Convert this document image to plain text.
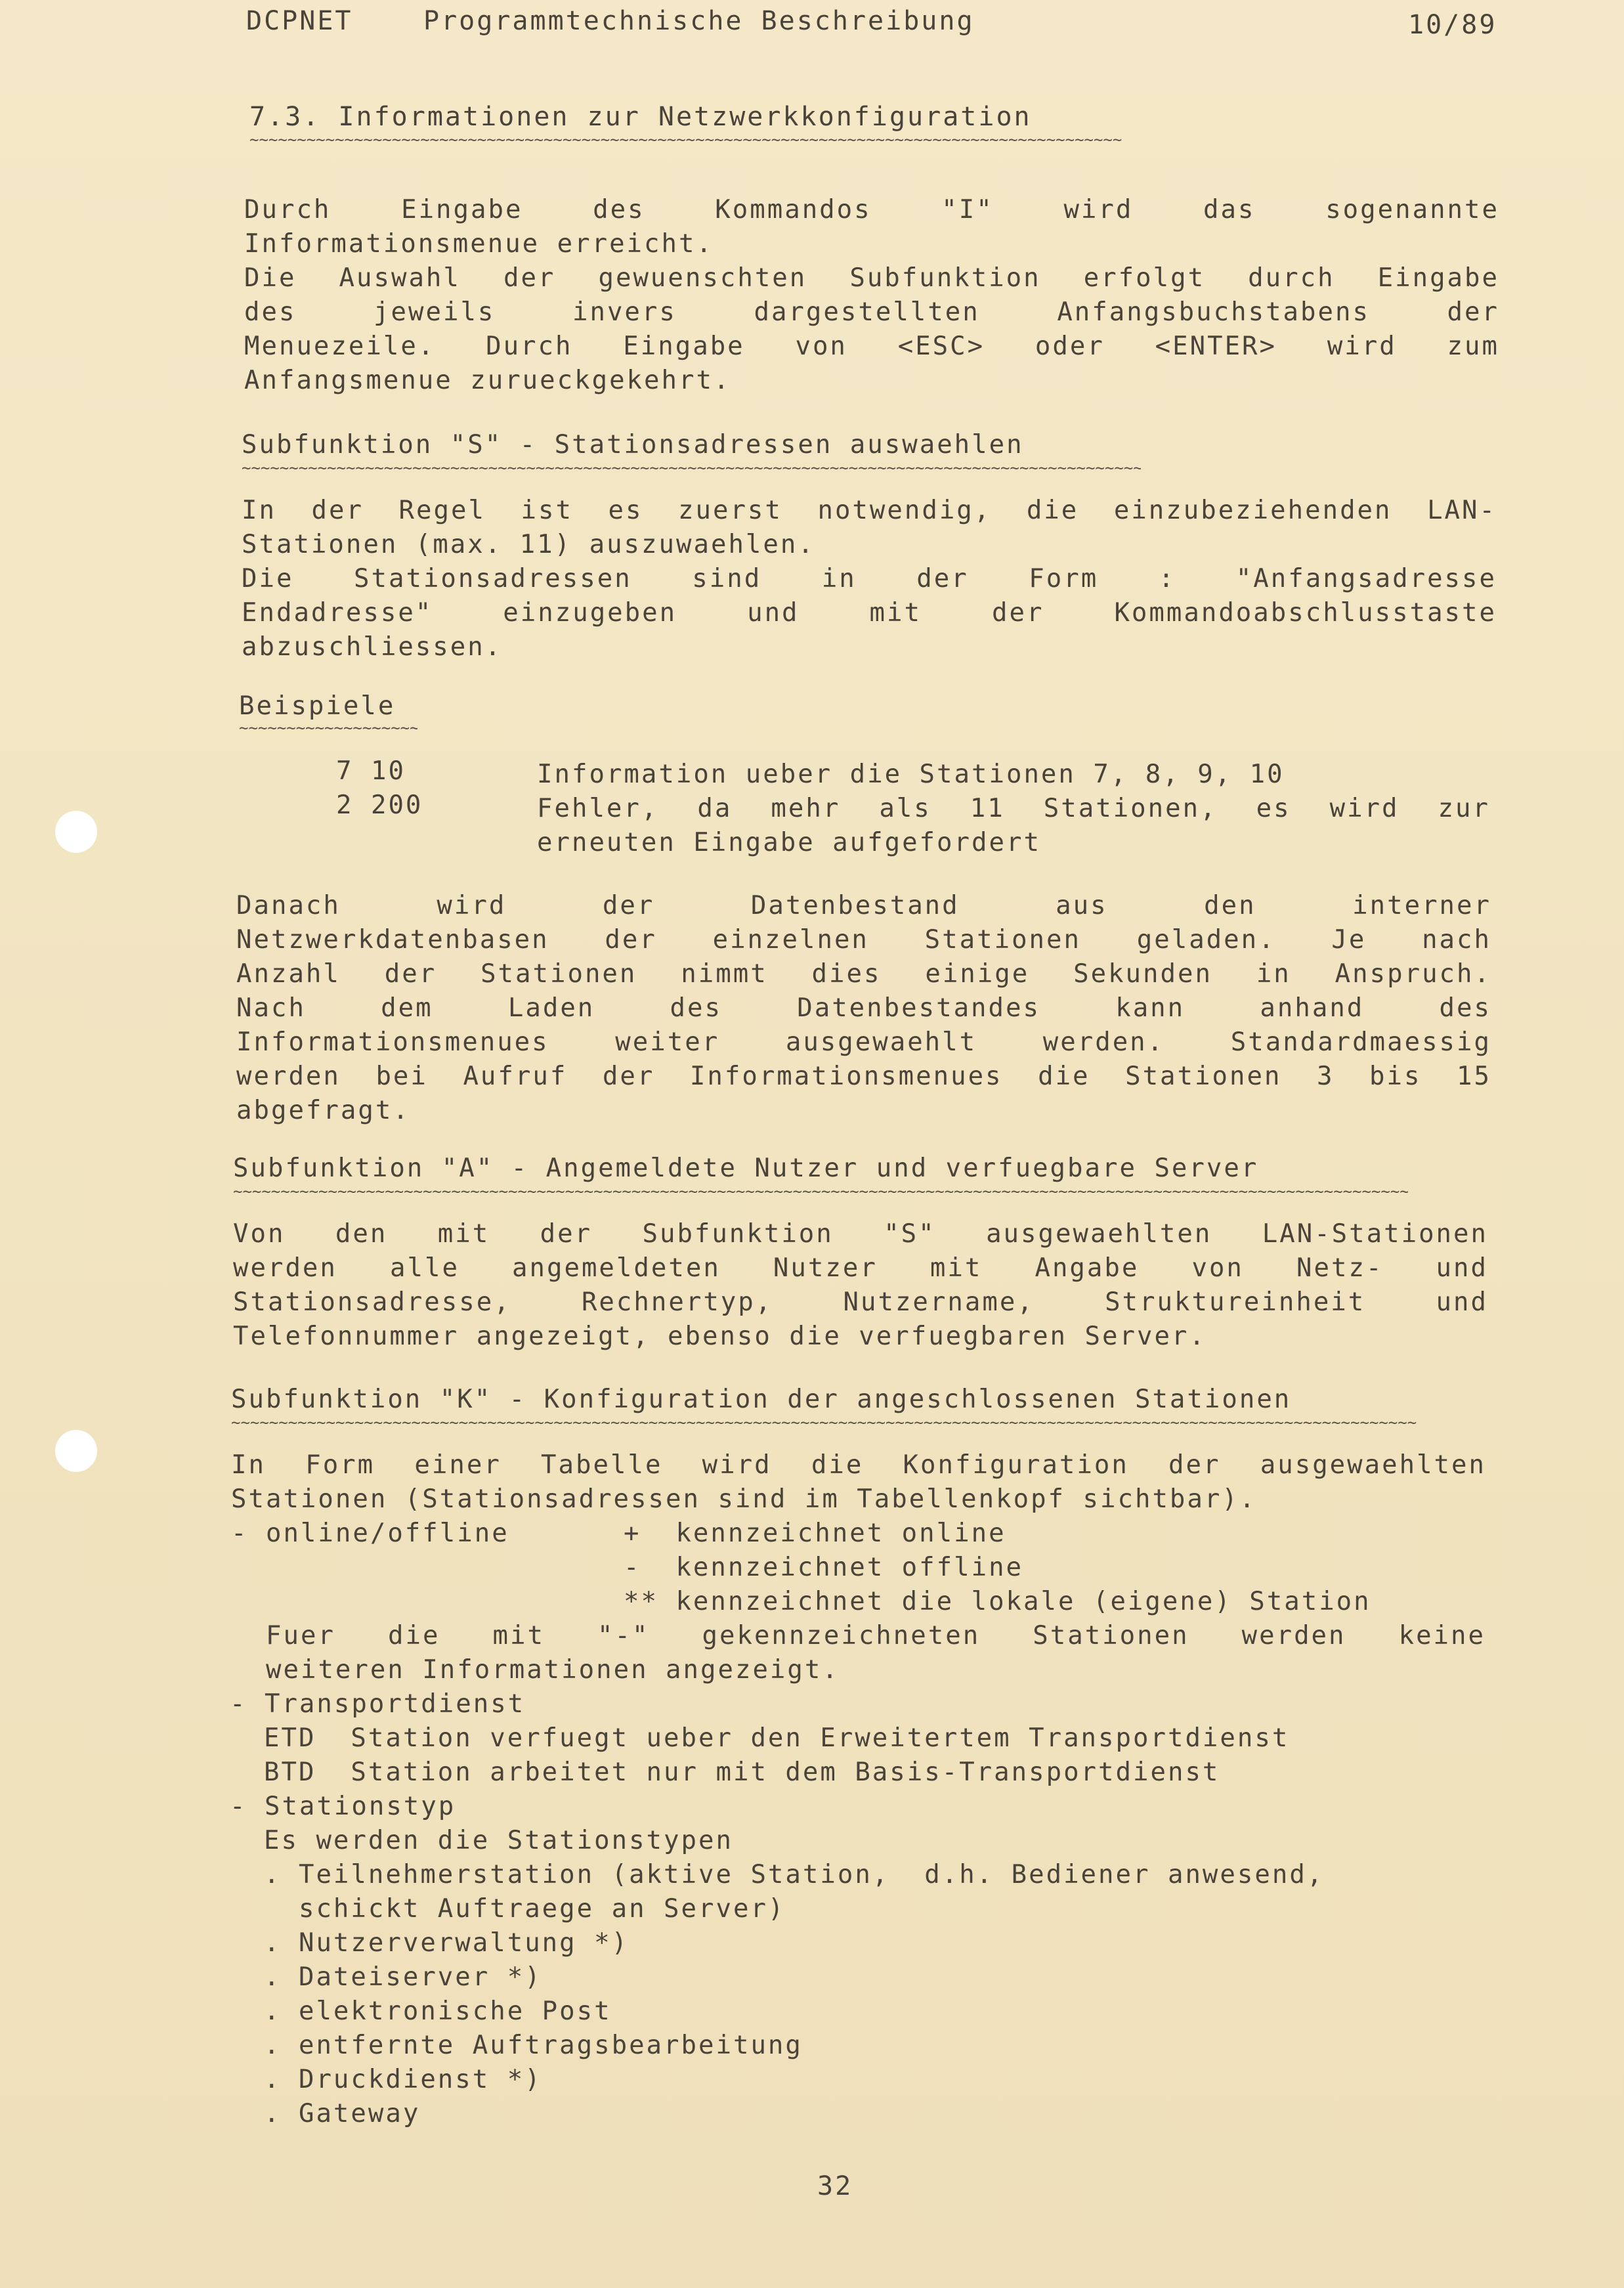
DCPNET	Programmtechnische Beschreibung	10/89
7.3. Informationen zur Netzwerkkonfiguration
~~~~~
Durch Eingabe des Kommandos "I" wird das sogenannte
Informationsmenue erreicht.
Die Auswahl der gewuenschten Subfunktion erfolgt durch Eingabe
des jeweils invers dargestellten Anfangsbuchstabens der
Menuezeile. Durch Eingabe von <ESC> oder <ENTER> wird zum
Anfangsmenue zurueckgekehrt.
Subfunktion "S" - Stationsadressen auswaehlen
~~~~~
In der Regel ist es zuerst notwendig, die einzubeziehenden LAN-
Stationen (max. 11) auszuwaehlen.
Die Stationsadressen sind in der Form : "Anfangsadresse
Endadresse" einzugeben und mit der Kommandoabschlusstaste
abzuschliessen.
Beispiele
~~~~~
7 10	Information ueber die Stationen 7, 8, 9, 10
2 200	Fehler, da mehr als 11 Stationen, es wird zur
erneuten Eingabe aufgefordert
Danach wird der Datenbestand aus den interner
Netzwerkdatenbasen der einzelnen Stationen geladen. Je nach
Anzahl der Stationen nimmt dies einige Sekunden in Anspruch.
Nach dem Laden des Datenbestandes kann anhand des
Informationsmenues weiter ausgewaehlt werden. Standardmaessig
werden bei Aufruf der Informationsmenues die Stationen 3 bis 15
abgefragt.
Subfunktion "A" - Angemeldete Nutzer und verfuegbare Server
~~~~~
Von den mit der Subfunktion "S" ausgewaehlten LAN-Stationen
werden alle angemeldeten Nutzer mit Angabe von Netz- und
Stationsadresse, Rechnertyp, Nutzername, Struktureinheit und
Telefonnummer angezeigt, ebenso die verfuegbaren Server.
Subfunktion "K" - Konfiguration der angeschlossenen Stationen
~~~~~
In Form einer Tabelle wird die Konfiguration der ausgewaehlten
Stationen (Stationsadressen sind im Tabellenkopf sichtbar).
- online/offline	+  kennzeichnet online
-  kennzeichnet offline
** kennzeichnet die lokale (eigene) Station
Fuer die mit "-" gekennzeichneten Stationen werden keine
weiteren Informationen angezeigt.
- Transportdienst
ETD  Station verfuegt ueber den Erweitertem Transportdienst
BTD  Station arbeitet nur mit dem Basis-Transportdienst
- Stationstyp
Es werden die Stationstypen
. Teilnehmerstation (aktive Station,  d.h. Bediener anwesend,
schickt Auftraege an Server)
. Nutzerverwaltung *)
. Dateiserver *)
. elektronische Post
. entfernte Auftragsbearbeitung
. Druckdienst *)
. Gateway
32
